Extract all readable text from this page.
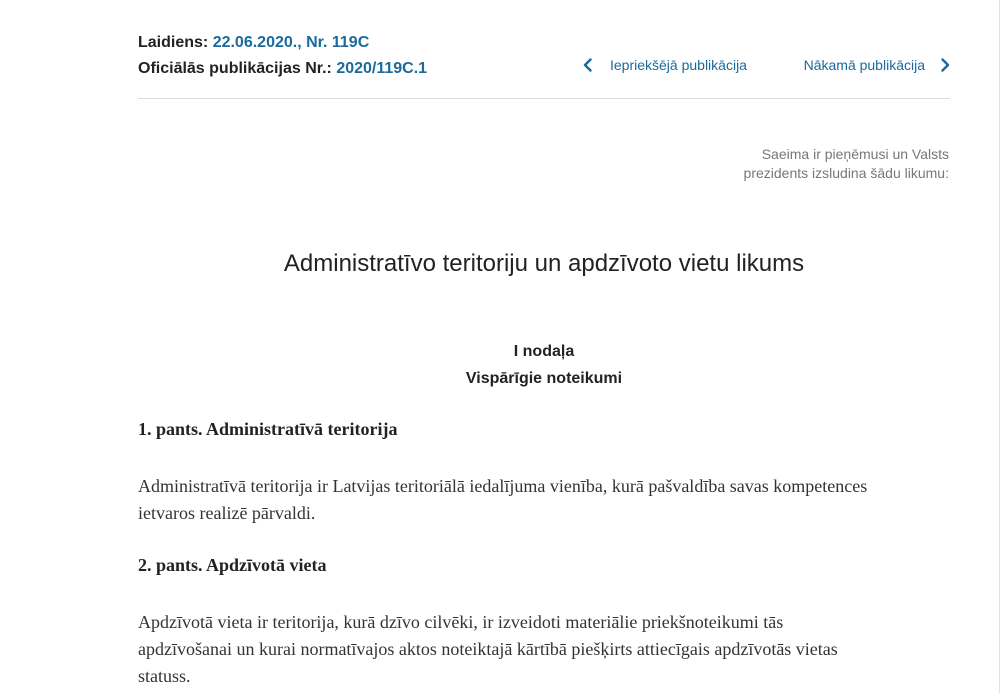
Laidiens: 22.06.2020., Nr. 119C
Oficiālās publikācijas Nr.: 2020/119C.1	Iepriekšējā publikācija	Nākamā publikācija
Saeima ir pieņēmusi un Valsts
prezidents izsludina šādu likumu:
Administratīvo teritoriju un apdzīvoto vietu likums
I nodaļa
Vispārīgie noteikumi
1. pants. Administratīvā teritorija

Administratīvā teritorija ir Latvijas teritoriālā iedalījuma vienība, kurā pašvaldība savas kompetences
ietvaros realizē pārvaldi.

2. pants. Apdzīvotā vieta

Apdzīvotā vieta ir teritorija, kurā dzīvo cilvēki, ir izveidoti materiālie priekšnoteikumi tās
apdzīvošanai un kurai normatīvajos aktos noteiktajā kārtībā piešķirts attiecīgais apdzīvotās vietas
statuss.
